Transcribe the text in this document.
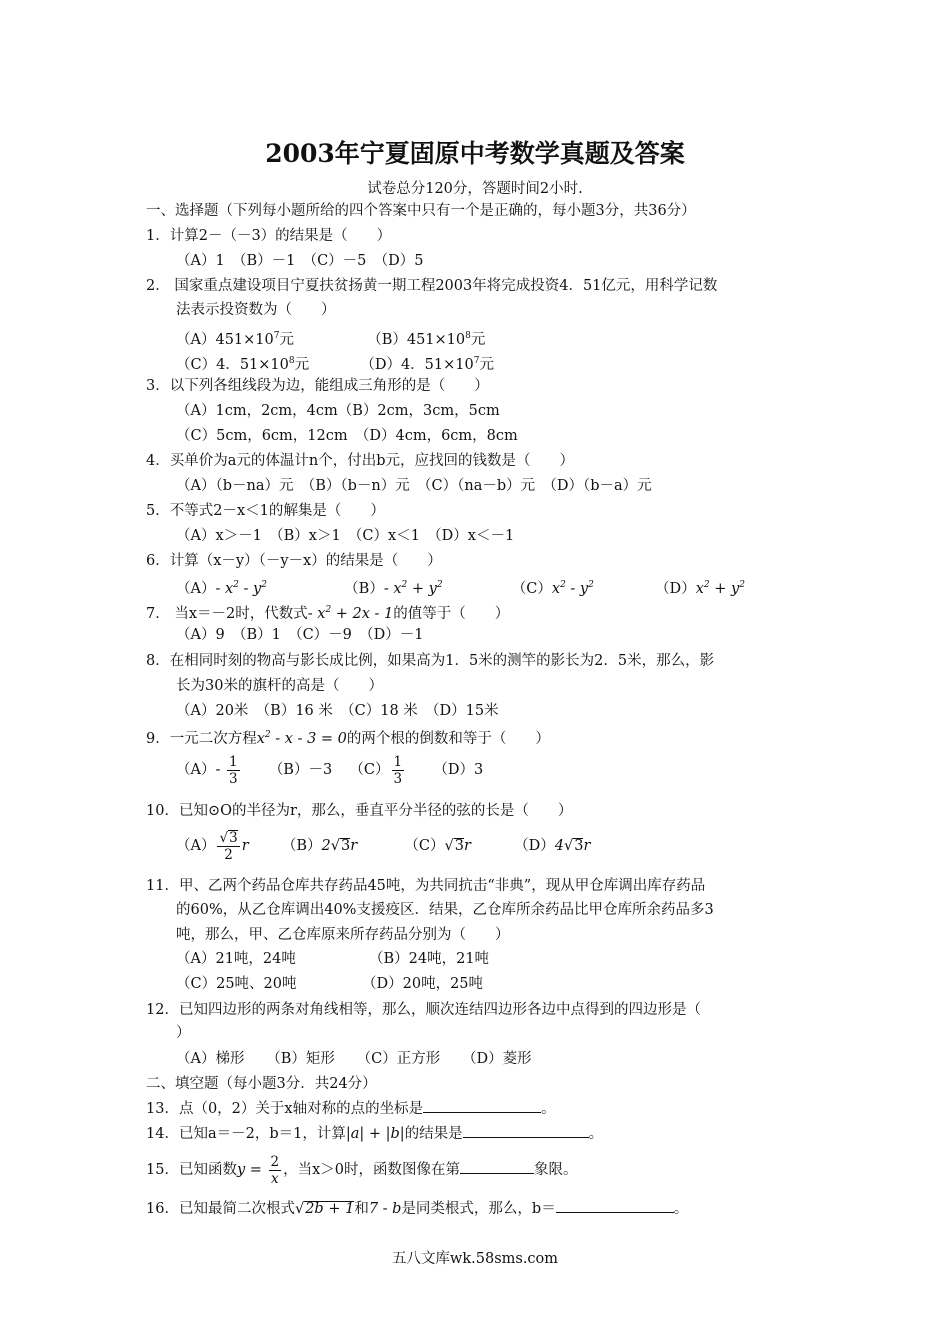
2003年宁夏固原中考数学真题及答案
试卷总分120分，答题时间2小时.
一、选择题（下列每小题所给的四个答案中只有一个是正确的，每小题3分，共36分）
1．计算2－（－3）的结果是（　　）
（A）1　（B）－1　（C）－5　（D）5
2． 国家重点建设项目宁夏扶贫扬黄一期工程2003年将完成投资4．51亿元，用科学记数
法表示投资数为（　　）
$(A)451\times 10^7$元	$(B)451\times 10^8$元
（C）4．$51\times 10^8$元	（D）4．$51\times 10^7$元
3．以下列各组线段为边，能组成三角形的是（　　）
（A）1cm，2cm，4cm（B）2cm，3cm，5cm
（C）5cm，6cm，12cm　（D）4cm，6cm，8cm
4．买单价为a元的体温计n个，付出b元，应找回的钱数是（　　）
（A）（b－na）元　（B）（b－n）元　（C）（na－b）元　（D）（b－a）元
5．不等式2－x＜1的解集是（　　）
（A）x＞－1　（B）x＞1　（C）x＜1　（D）x＜－1
6．计算（x－y）（－y－x）的结果是（　　）
（A）- $x^2 - y^2$	（B）- $x^2 + y^2$	$(C)x^2 - y^2$	$(D)x^2 + y^2$
7． 当x＝－2时，代数式- $x^2 + 2x - 1$的值等于（　　）
（A）9　（B）1　（C）－9　（D）－1
8．在相同时刻的物高与影长成比例，如果高为1．5米的测竿的影长为2．5米，那么，影
长为30米的旗杆的高是（　　）
（A）20米　（B）16 米　（C）18 米　（D）15米
9．一元二次方程$x^2 - x - 3 = 0$的两个根的倒数和等于（　　）
$(A)- \frac{1}{3} (B)-3$ $(C) \frac{1}{3} (D)3$
10．已知⊙O的半径为r，那么，垂直平分半径的弦的长是（　　）
$(A) \frac{√3}{2}$ r （B）2√3r	（C）√3r	（D）4√3r
11．甲、乙两个药品仓库共存药品45吨，为共同抗击“非典”，现从甲仓库调出库存药品
的60%，从乙仓库调出40%支援疫区．结果，乙仓库所余药品比甲仓库所余药品多3
吨，那么，甲、乙仓库原来所存药品分别为（　　）
（A）21吨，24吨	（B）24吨，21吨
（C）25吨、20吨	（D）20吨，25吨
12．已知四边形的两条对角线相等，那么，顺次连结四边形各边中点得到的四边形是（
）
（A）梯形　　（B）矩形　　（C）正方形　　（D）菱形
二、填空题（每小题3分．共24分）
13．点（0，2）关于x轴对称的点的坐标是	。
14．已知a＝－2，b＝1，计算|a| + |b|的结果是	。
15．已知函数$y = \frac{2}{x}$ ，当x＞0时，函数图像在第	象限。
16．已知最简二次根式√2b + 1和7 - b是同类根式，那么，b＝	。
五八文库wk.58sms.com
